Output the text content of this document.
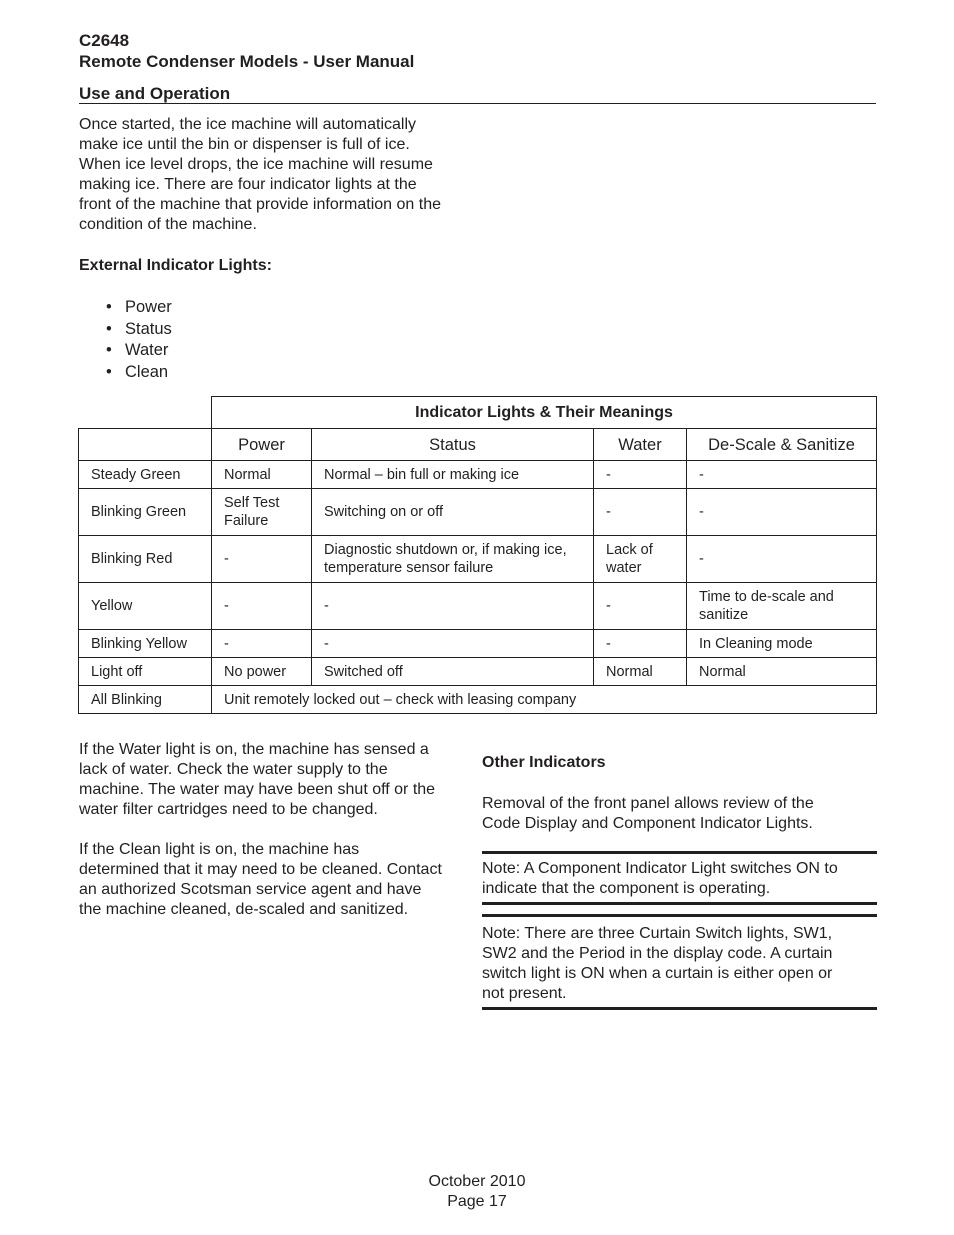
C2648
Remote Condenser Models - User Manual
Use and Operation
Once started, the ice machine will automatically
make ice until the bin or dispenser is full of ice.
When ice level drops, the ice machine will resume
making ice. There are four indicator lights at the
front of the machine that provide information on the
condition of the machine.
External Indicator Lights:
• Power
• Status
• Water
• Clean
	Indicator Lights & Their Meanings			
	Power	Status	Water	De-Scale & Sanitize
Steady Green	Normal	Normal – bin full or making ice	-	-
Blinking Green	Self Test Failure	Switching on or off	-	-
Blinking Red	-	Diagnostic shutdown or, if making ice, temperature sensor failure	Lack of water	-
Yellow	-	-	-	Time to de-scale and sanitize
Blinking Yellow	-	-	-	In Cleaning mode
Light off	No power	Switched off	Normal	Normal
All Blinking	Unit remotely locked out – check with leasing company			
If the Water light is on, the machine has sensed a
lack of water. Check the water supply to the
machine. The water may have been shut off or the
water filter cartridges need to be changed.
If the Clean light is on, the machine has
determined that it may need to be cleaned. Contact
an authorized Scotsman service agent and have
the machine cleaned, de-scaled and sanitized.
Other Indicators
Removal of the front panel allows review of the
Code Display and Component Indicator Lights.
Note: A Component Indicator Light switches ON to
indicate that the component is operating.
Note: There are three Curtain Switch lights, SW1,
SW2 and the Period in the display code. A curtain
switch light is ON when a curtain is either open or
not present.
October 2010
Page 17
